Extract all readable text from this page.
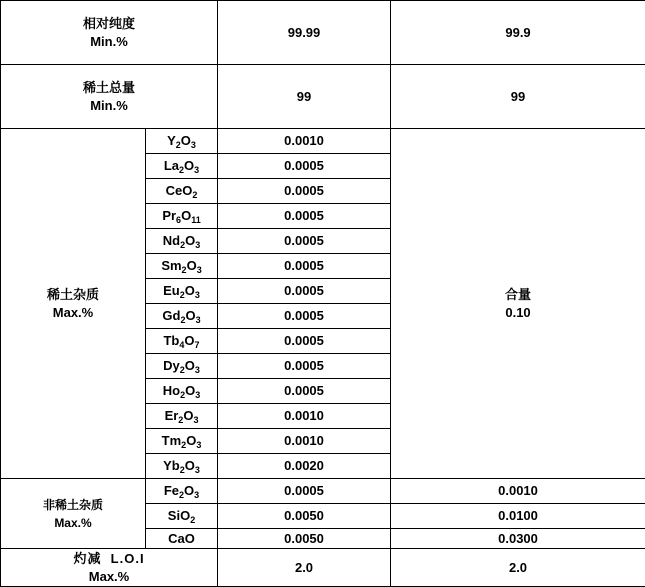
相对纯度
Min.%		99.99	99.9

稀土总量
Min.%		99	99

稀土杂质
Max.%	$Y_2O_3$	0.0010	合量
0.10

	$La_2O_3$	0.0005	
	CeO$_2$	0.0005	
	$Pr_6O_{11}$	0.0005	
	$Nd_2O_3$	0.0005	
	$Sm_2O_3$	0.0005	
	$Eu_2O_3$	0.0005	
	$Gd_2O_3$	0.0005	
	$Tb_4O_7$	0.0005	
	$Dy_2O_3$	0.0005	
	$Ho_2O_3$	0.0005	
	$Er_2O_3$	0.0010	
	$Tm_2O_3$	0.0010	
	$Yb_2O_3$	0.0020	

非稀土杂质
Max.%	$Fe_2O_3$	0.0005	0.0010
	SiO$_2$	0.0050	0.0100
	CaO	0.0050	0.0300

灼减  L.O.I
Max.%		2.0	2.0
